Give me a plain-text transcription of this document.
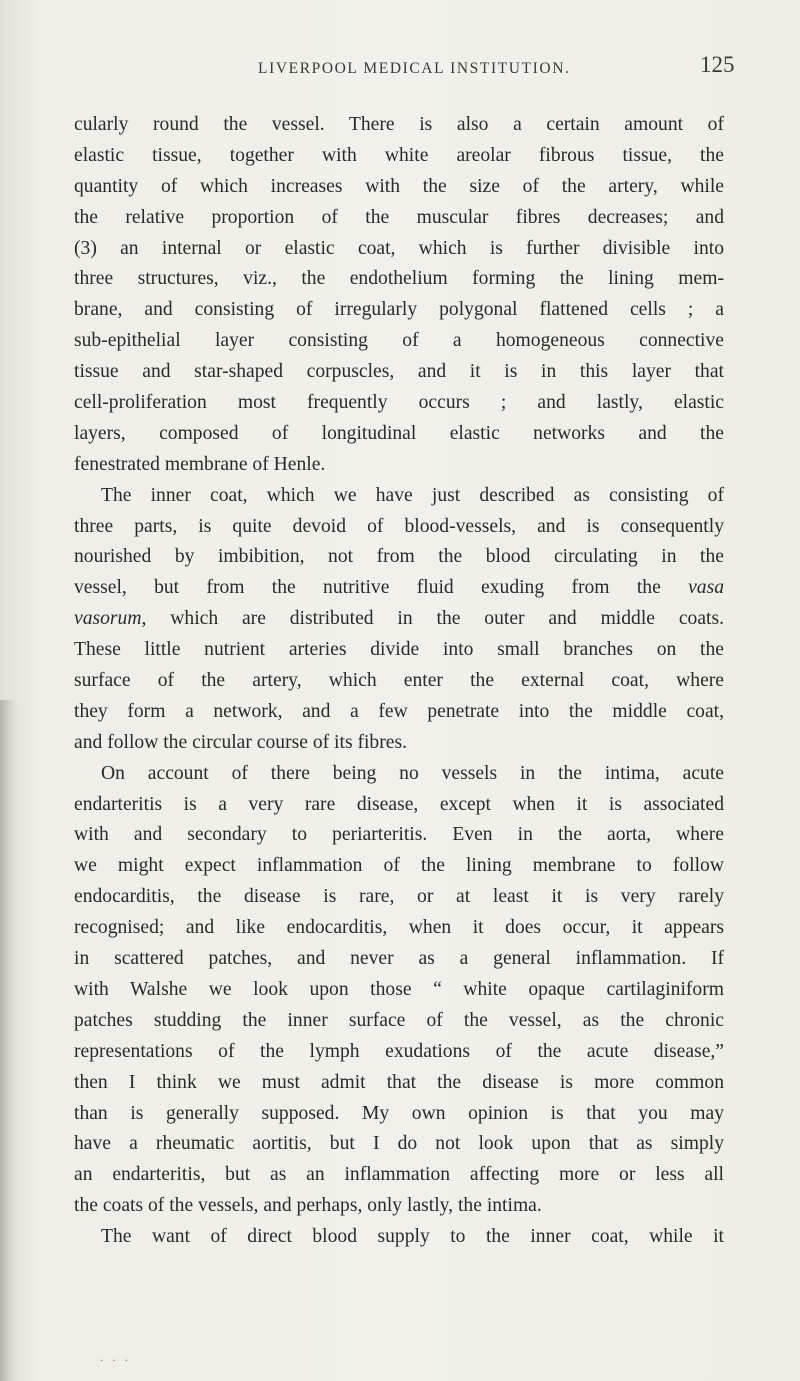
LIVERPOOL MEDICAL INSTITUTION.	125
cularly round the vessel. There is also a certain amount of
elastic tissue, together with white areolar fibrous tissue, the
quantity of which increases with the size of the artery, while
the relative proportion of the muscular fibres decreases; and
(3) an internal or elastic coat, which is further divisible into
three structures, viz., the endothelium forming the lining mem-
brane, and consisting of irregularly polygonal flattened cells ; a
sub-epithelial layer consisting of a homogeneous connective
tissue and star-shaped corpuscles, and it is in this layer that
cell-proliferation most frequently occurs ; and lastly, elastic
layers, composed of longitudinal elastic networks and the
fenestrated membrane of Henle.
The inner coat, which we have just described as consisting of
three parts, is quite devoid of blood-vessels, and is consequently
nourished by imbibition, not from the blood circulating in the
vessel, but from the nutritive fluid exuding from the vasa
vasorum, which are distributed in the outer and middle coats.
These little nutrient arteries divide into small branches on the
surface of the artery, which enter the external coat, where
they form a network, and a few penetrate into the middle coat,
and follow the circular course of its fibres.
On account of there being no vessels in the intima, acute
endarteritis is a very rare disease, except when it is associated
with and secondary to periarteritis. Even in the aorta, where
we might expect inflammation of the lining membrane to follow
endocarditis, the disease is rare, or at least it is very rarely
recognised; and like endocarditis, when it does occur, it appears
in scattered patches, and never as a general inflammation. If
with Walshe we look upon those “ white opaque cartilaginiform
patches studding the inner surface of the vessel, as the chronic
representations of the lymph exudations of the acute disease,”
then I think we must admit that the disease is more common
than is generally supposed. My own opinion is that you may
have a rheumatic aortitis, but I do not look upon that as simply
an endarteritis, but as an inflammation affecting more or less all
the coats of the vessels, and perhaps, only lastly, the intima.
The want of direct blood supply to the inner coat, while it
· · ‧
